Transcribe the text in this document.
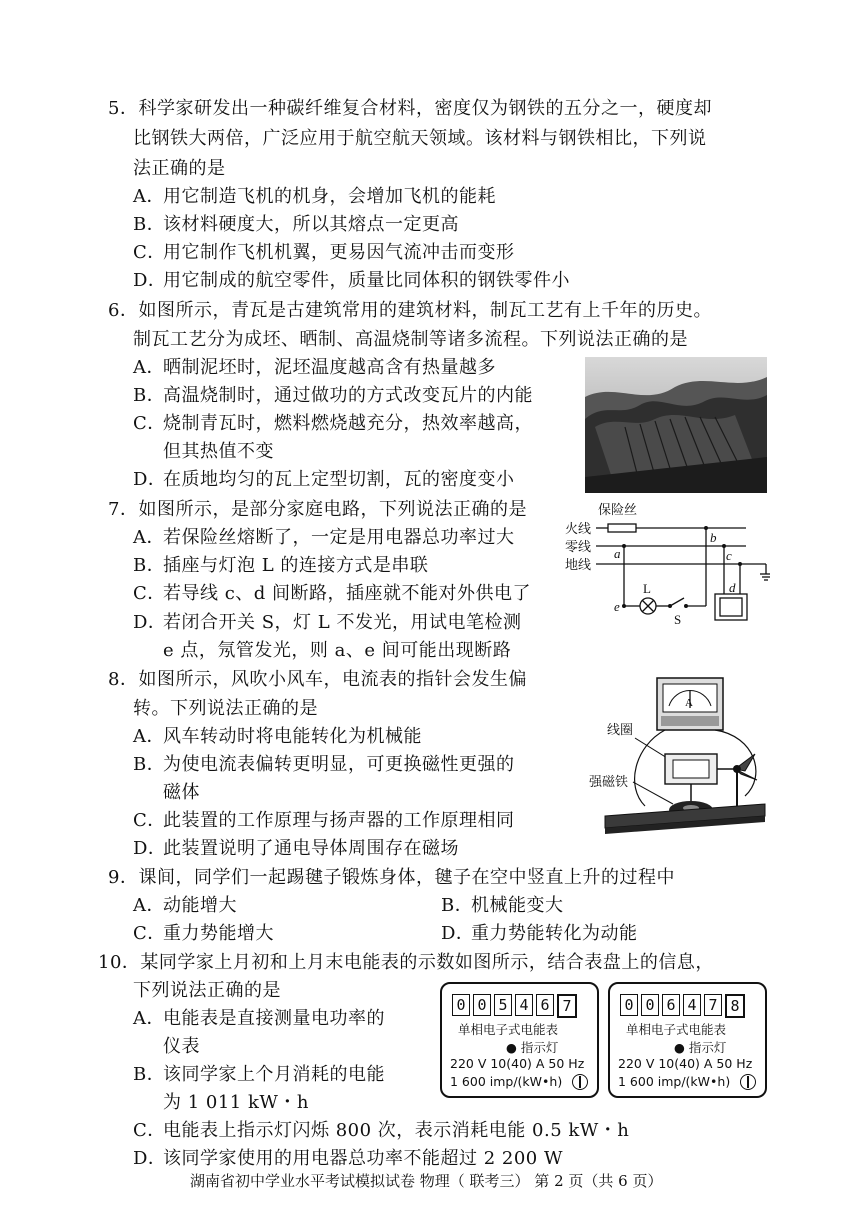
5．科学家研发出一种碳纤维复合材料，密度仅为钢铁的五分之一，硬度却
比钢铁大两倍，广泛应用于航空航天领域。该材料与钢铁相比，下列说
法正确的是
A．用它制造飞机的机身，会增加飞机的能耗
B．该材料硬度大，所以其熔点一定更高
C．用它制作飞机机翼，更易因气流冲击而变形
D．用它制成的航空零件，质量比同体积的钢铁零件小
6．如图所示，青瓦是古建筑常用的建筑材料，制瓦工艺有上千年的历史。
制瓦工艺分为成坯、晒制、高温烧制等诸多流程。下列说法正确的是
A．晒制泥坯时，泥坯温度越高含有热量越多
B．高温烧制时，通过做功的方式改变瓦片的内能
C．烧制青瓦时，燃料燃烧越充分，热效率越高，
但其热值不变
D．在质地均匀的瓦上定型切割，瓦的密度变小
7．如图所示，是部分家庭电路，下列说法正确的是
A．若保险丝熔断了，一定是用电器总功率过大
B．插座与灯泡 L 的连接方式是串联
C．若导线 c、d 间断路，插座就不能对外供电了
D．若闭合开关 S，灯 L 不发光，用试电笔检测
e 点，氖管发光，则 a、e 间可能出现断路
保险丝
火线
零线
地线
a
b
c
d
e
L
S
8．如图所示，风吹小风车，电流表的指针会发生偏
转。下列说法正确的是
A．风车转动时将电能转化为机械能
B．为使电流表偏转更明显，可更换磁性更强的
磁体
C．此装置的工作原理与扬声器的工作原理相同
D．此装置说明了通电导体周围存在磁场
A
线圈
强磁铁
9．课间，同学们一起踢毽子锻炼身体，毽子在空中竖直上升的过程中
A．动能增大	B．机械能变大
C．重力势能增大	D．重力势能转化为动能
10．某同学家上月初和上月末电能表的示数如图所示，结合表盘上的信息，
下列说法正确的是
A．电能表是直接测量电功率的
仪表
B．该同学家上个月消耗的电能
为 1 011 kW・h
C．电能表上指示灯闪烁 800 次，表示消耗电能 0.5 kW・h
D．该同学家使用的用电器总功率不能超过 2 200 W
0 0 5 4 6 7
单相电子式电能表
● 指示灯
220 V 10(40) A 50 Hz
1 600 imp/(kW•h)
0 0 6 4 7 8
单相电子式电能表
● 指示灯
220 V 10(40) A 50 Hz
1 600 imp/(kW•h)
湖南省初中学业水平考试模拟试卷 物理（ 联考三） 第 2 页（共 6 页）
